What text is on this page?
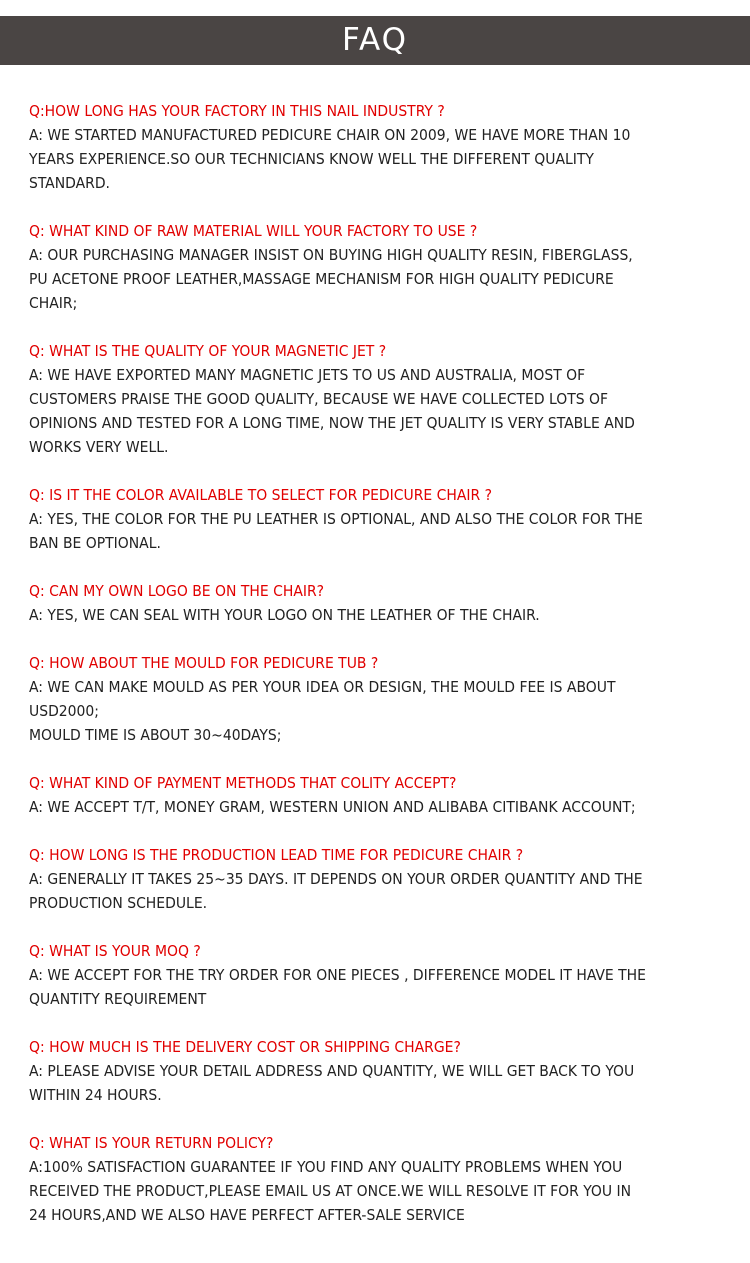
FAQ
Q:HOW LONG HAS YOUR FACTORY IN THIS NAIL INDUSTRY ?
A: WE STARTED MANUFACTURED PEDICURE CHAIR ON 2009, WE HAVE MORE THAN 10
YEARS EXPERIENCE.SO OUR TECHNICIANS KNOW WELL THE DIFFERENT QUALITY
STANDARD.
Q: WHAT KIND OF RAW MATERIAL WILL YOUR FACTORY TO USE ?
A: OUR PURCHASING MANAGER INSIST ON BUYING HIGH QUALITY RESIN, FIBERGLASS,
PU ACETONE PROOF LEATHER,MASSAGE MECHANISM FOR HIGH QUALITY PEDICURE
CHAIR;
Q: WHAT IS THE QUALITY OF YOUR MAGNETIC JET ?
A: WE HAVE EXPORTED MANY MAGNETIC JETS TO US AND AUSTRALIA, MOST OF
CUSTOMERS PRAISE THE GOOD QUALITY, BECAUSE WE HAVE COLLECTED LOTS OF
OPINIONS AND TESTED FOR A LONG TIME, NOW THE JET QUALITY IS VERY STABLE AND
WORKS VERY WELL.
Q: IS IT THE COLOR AVAILABLE TO SELECT FOR PEDICURE CHAIR ?
A: YES, THE COLOR FOR THE PU LEATHER IS OPTIONAL, AND ALSO THE COLOR FOR THE
BAN BE OPTIONAL.
Q: CAN MY OWN LOGO BE ON THE CHAIR?
A: YES, WE CAN SEAL WITH YOUR LOGO ON THE LEATHER OF THE CHAIR.
Q: HOW ABOUT THE MOULD FOR PEDICURE TUB ?
A: WE CAN MAKE MOULD AS PER YOUR IDEA OR DESIGN, THE MOULD FEE IS ABOUT
USD2000;
MOULD TIME IS ABOUT 30~40DAYS;
Q: WHAT KIND OF PAYMENT METHODS THAT COLITY ACCEPT?
A: WE ACCEPT T/T, MONEY GRAM, WESTERN UNION AND ALIBABA CITIBANK ACCOUNT;
Q: HOW LONG IS THE PRODUCTION LEAD TIME FOR PEDICURE CHAIR ?
A: GENERALLY IT TAKES 25~35 DAYS. IT DEPENDS ON YOUR ORDER QUANTITY AND THE
PRODUCTION SCHEDULE.
Q: WHAT IS YOUR MOQ ?
A: WE ACCEPT FOR THE TRY ORDER FOR ONE PIECES , DIFFERENCE MODEL IT HAVE THE
QUANTITY REQUIREMENT
Q: HOW MUCH IS THE DELIVERY COST OR SHIPPING CHARGE?
A: PLEASE ADVISE YOUR DETAIL ADDRESS AND QUANTITY, WE WILL GET BACK TO YOU
WITHIN 24 HOURS.
Q: WHAT IS YOUR RETURN POLICY?
A:100% SATISFACTION GUARANTEE IF YOU FIND ANY QUALITY PROBLEMS WHEN YOU
RECEIVED THE PRODUCT,PLEASE EMAIL US AT ONCE.WE WILL RESOLVE IT FOR YOU IN
24 HOURS,AND WE ALSO HAVE PERFECT AFTER-SALE SERVICE
